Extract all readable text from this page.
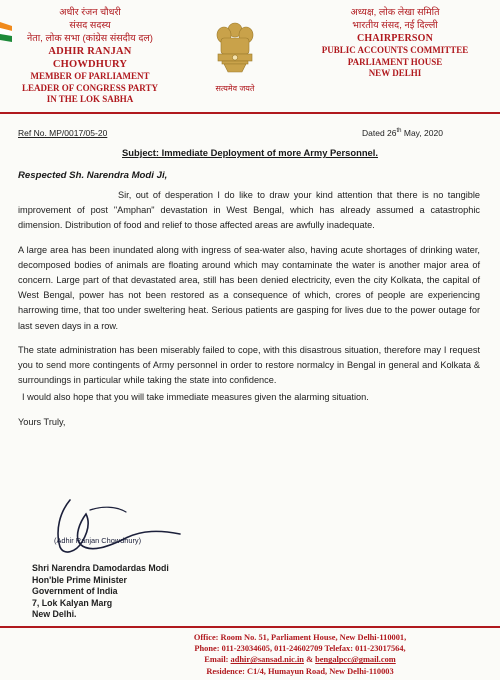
अधीर रंजन चौधरी
संसद सदस्य
नेता, लोक सभा (कांग्रेस संसदीय दल)
ADHIR RANJAN CHOWDHURY
MEMBER OF PARLIAMENT
LEADER OF CONGRESS PARTY
IN THE LOK SABHA
सत्यमेव जयते
अध्यक्ष, लोक लेखा समिति
भारतीय संसद, नई दिल्ली
CHAIRPERSON
PUBLIC ACCOUNTS COMMITTEE
PARLIAMENT HOUSE
NEW DELHI
Ref No. MP/0017/05-20	Dated 26th May, 2020
Subject: Immediate Deployment of more Army Personnel.
Respected Sh. Narendra Modi Ji,

Sir, out of desperation I do like to draw your kind attention that there is no tangible improvement of post "Amphan" devastation in West Bengal, which has already assumed a catastrophic dimension. Distribution of food and relief to those affected areas are awfully inadequate.

A large area has been inundated along with ingress of sea-water also, having acute shortages of drinking water, decomposed bodies of animals are floating around which may contaminate the water is another major area of concern. Large part of that devastated area, still has been denied electricity, even the city Kolkata, the capital of West Bengal, power has not been restored as a consequence of which, crores of people are experiencing harrowing time, that too under sweltering heat. Serious patients are gasping for lives due to the power outage for last seven days in a row.

The state administration has been miserably failed to cope, with this disastrous situation, therefore may I request you to send more contingents of Army personnel in order to restore normalcy in Bengal in general and Kolkata & surroundings in particular while taking the state into confidence.

I would also hope that you will take immediate measures given the alarming situation.

Yours Truly,

(Adhir Ranjan Chowdhury)
Shri Narendra Damodardas Modi
Hon'ble Prime Minister
Government of India
7, Lok Kalyan Marg
New Delhi.
Office: Room No. 51, Parliament House, New Delhi-110001,
Phone: 011-23034605, 011-24602709 Telefax: 011-23017564,
Email: adhir@sansad.nic.in & bengalpcc@gmail.com
Residence: C1/4, Humayun Road, New Delhi-110003
